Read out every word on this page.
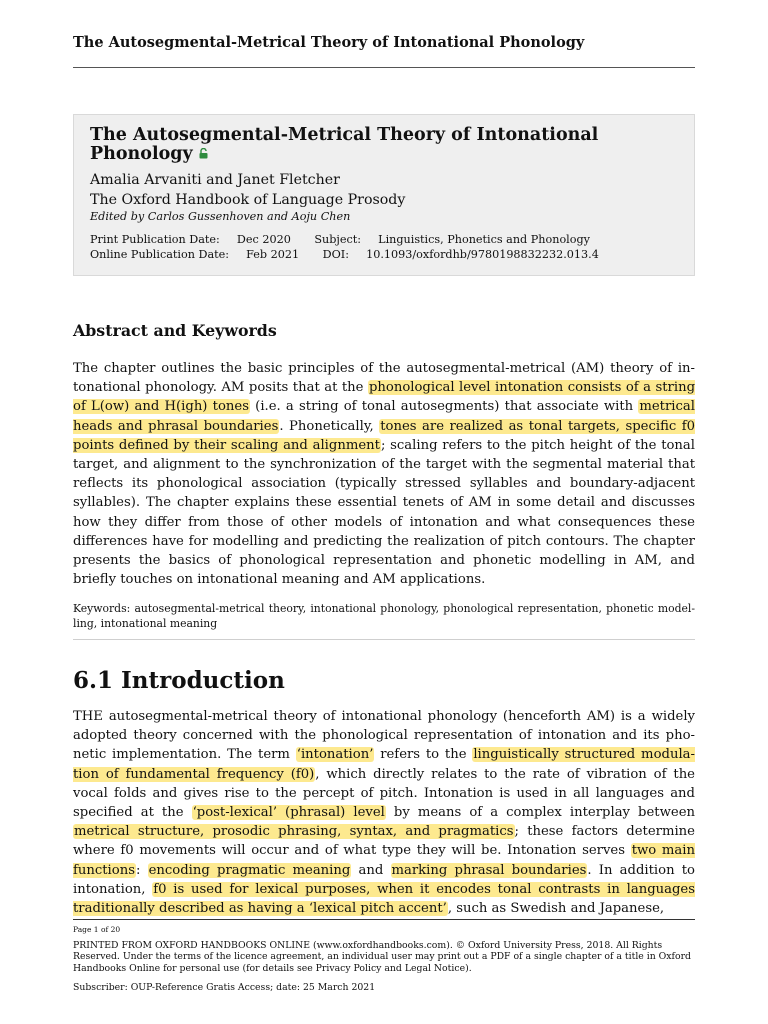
The Autosegmental-Metrical Theory of Intonational Phonology
The Autosegmental-Metrical Theory of Intonational Phonology
Amalia Arvaniti and Janet Fletcher
The Oxford Handbook of Language Prosody
Edited by Carlos Gussenhoven and Aoju Chen
Print Publication Date: Dec 2020 Subject: Linguistics, Phonetics and Phonology
Online Publication Date: Feb 2021 DOI: 10.1093/oxfordhb/9780198832232.013.4
Abstract and Keywords

The chapter outlines the basic principles of the autosegmental-metrical (AM) theory of intonational phonology. AM posits that at the phonological level intonation consists of a string of L(ow) and H(igh) tones (i.e. a string of tonal autosegments) that associate with metrical heads and phrasal boundaries. Phonetically, tones are realized as tonal targets, specific f0 points defined by their scaling and alignment; scaling refers to the pitch height of the tonal target, and alignment to the synchronization of the target with the segmental material that reflects its phonological association (typically stressed syllables and boundary-adjacent syllables). The chapter explains these essential tenets of AM in some detail and discusses how they differ from those of other models of intonation and what consequences these differences have for modelling and predicting the realization of pitch contours. The chapter presents the basics of phonological representation and phonetic modelling in AM, and briefly touches on intonational meaning and AM applications.

Keywords: autosegmental-metrical theory, intonational phonology, phonological representation, phonetic modelling, intonational meaning
6.1 Introduction

THE autosegmental-metrical theory of intonational phonology (henceforth AM) is a widely adopted theory concerned with the phonological representation of intonation and its phonetic implementation. The term ‘intonation’ refers to the linguistically structured modulation of fundamental frequency (f0), which directly relates to the rate of vibration of the vocal folds and gives rise to the percept of pitch. Intonation is used in all languages and specified at the ‘post-lexical’ (phrasal) level by means of a complex interplay between metrical structure, prosodic phrasing, syntax, and pragmatics; these factors determine where f0 movements will occur and of what type they will be. Intonation serves two main functions: encoding pragmatic meaning and marking phrasal boundaries. In addition to intonation, f0 is used for lexical purposes, when it encodes tonal contrasts in languages traditionally described as having a ‘lexical pitch accent’, such as Swedish and Japanese,

Page 1 of 20
PRINTED FROM OXFORD HANDBOOKS ONLINE (www.oxfordhandbooks.com). © Oxford University Press, 2018. All Rights Reserved. Under the terms of the licence agreement, an individual user may print out a PDF of a single chapter of a title in Oxford Handbooks Online for personal use (for details see Privacy Policy and Legal Notice).
Subscriber: OUP-Reference Gratis Access; date: 25 March 2021
